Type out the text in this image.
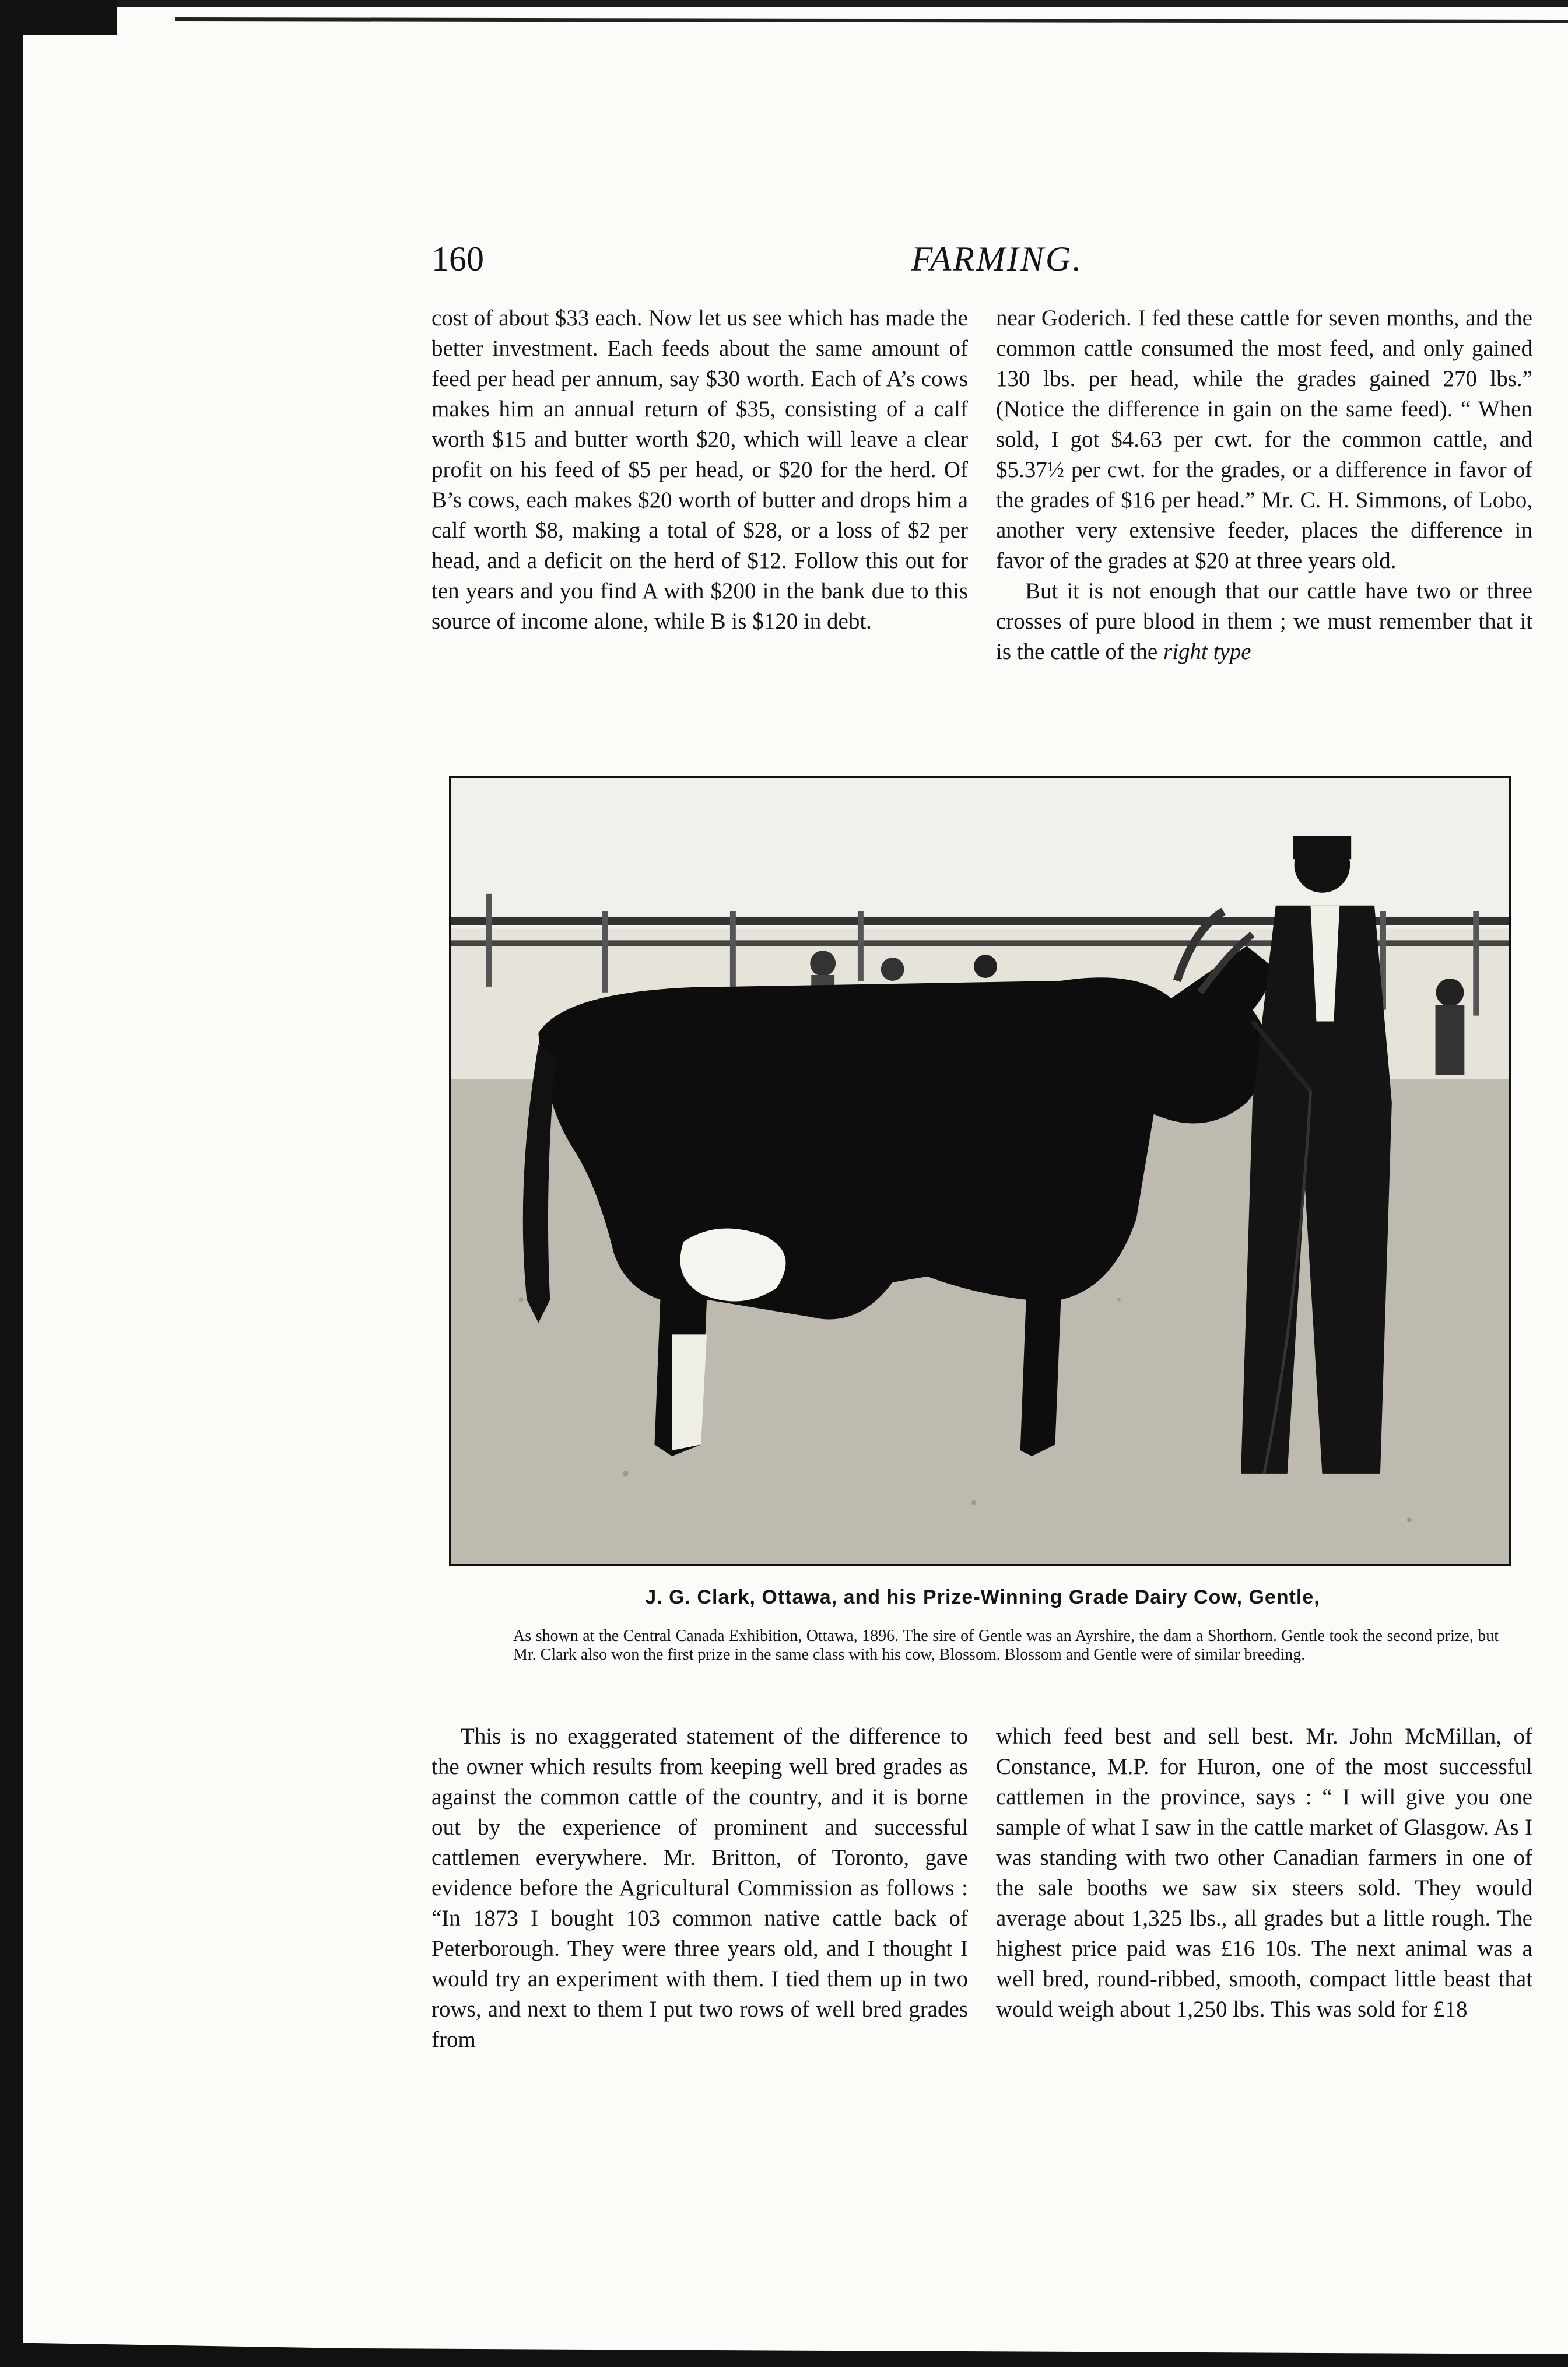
160	FARMING.

cost of about $33 each. Now let us see which has made the better investment. Each feeds about the same amount of feed per head per annum, say $30 worth. Each of A’s cows makes him an annual return of $35, consisting of a calf worth $15 and butter worth $20, which will leave a clear profit on his feed of $5 per head, or $20 for the herd. Of B’s cows, each makes $20 worth of butter and drops him a calf worth $8, making a total of $28, or a loss of $2 per head, and a deficit on the herd of $12. Follow this out for ten years and you find A with $200 in the bank due to this source of income alone, while B is $120 in debt.

near Goderich. I fed these cattle for seven months, and the common cattle consumed the most feed, and only gained 130 lbs. per head, while the grades gained 270 lbs.” (Notice the difference in gain on the same feed). “ When sold, I got $4.63 per cwt. for the common cattle, and $5.37½ per cwt. for the grades, or a difference in favor of the grades of $16 per head.” Mr. C. H. Simmons, of Lobo, another very extensive feeder, places the difference in favor of the grades at $20 at three years old.

But it is not enough that our cattle have two or three crosses of pure blood in them ; we must remember that it is the cattle of the right type

J. G. Clark, Ottawa, and his Prize-Winning Grade Dairy Cow, Gentle,
As shown at the Central Canada Exhibition, Ottawa, 1896. The sire of Gentle was an Ayrshire, the dam a Shorthorn. Gentle took the second prize, but Mr. Clark also won the first prize in the same class with his cow, Blossom. Blossom and Gentle were of similar breeding.

This is no exaggerated statement of the difference to the owner which results from keeping well bred grades as against the common cattle of the country, and it is borne out by the experience of prominent and successful cattlemen everywhere. Mr. Britton, of Toronto, gave evidence before the Agricultural Commission as follows : “In 1873 I bought 103 common native cattle back of Peterborough. They were three years old, and I thought I would try an experiment with them. I tied them up in two rows, and next to them I put two rows of well bred grades from

which feed best and sell best. Mr. John McMillan, of Constance, M.P. for Huron, one of the most successful cattlemen in the province, says : “ I will give you one sample of what I saw in the cattle market of Glasgow. As I was standing with two other Canadian farmers in one of the sale booths we saw six steers sold. They would average about 1,325 lbs., all grades but a little rough. The highest price paid was £16 10s. The next animal was a well bred, round-ribbed, smooth, compact little beast that would weigh about 1,250 lbs. This was sold for £18
